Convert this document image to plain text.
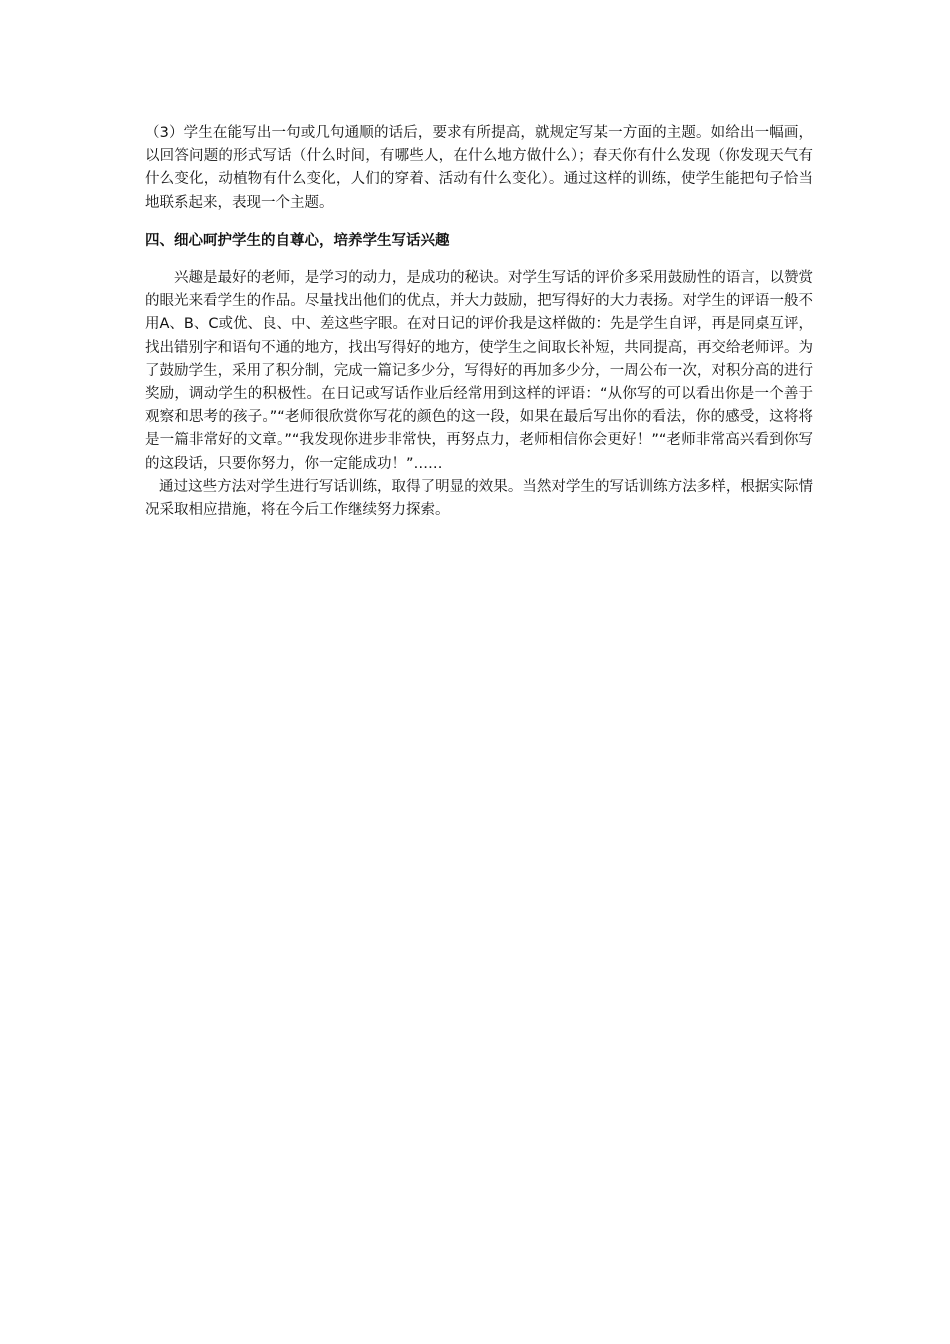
（3）学生在能写出一句或几句通顺的话后，要求有所提高，就规定写某一方面的主题。如给出一幅画，以回答问题的形式写话（什么时间，有哪些人，在什么地方做什么）；春天你有什么发现（你发现天气有什么变化，动植物有什么变化，人们的穿着、活动有什么变化）。通过这样的训练，使学生能把句子恰当地联系起来，表现一个主题。

四、细心呵护学生的自尊心，培养学生写话兴趣

兴趣是最好的老师，是学习的动力，是成功的秘诀。对学生写话的评价多采用鼓励性的语言，以赞赏的眼光来看学生的作品。尽量找出他们的优点，并大力鼓励，把写得好的大力表扬。对学生的评语一般不用A、B、C或优、良、中、差这些字眼。在对日记的评价我是这样做的：先是学生自评，再是同桌互评，找出错别字和语句不通的地方，找出写得好的地方，使学生之间取长补短，共同提高，再交给老师评。为了鼓励学生，采用了积分制，完成一篇记多少分，写得好的再加多少分，一周公布一次，对积分高的进行奖励，调动学生的积极性。在日记或写话作业后经常用到这样的评语：“从你写的可以看出你是一个善于观察和思考的孩子。”“老师很欣赏你写花的颜色的这一段，如果在最后写出你的看法，你的感受，这将将是一篇非常好的文章。”“我发现你进步非常快，再努点力，老师相信你会更好！”“老师非常高兴看到你写的这段话，只要你努力，你一定能成功！”……

通过这些方法对学生进行写话训练，取得了明显的效果。当然对学生的写话训练方法多样，根据实际情况采取相应措施，将在今后工作继续努力探索。
